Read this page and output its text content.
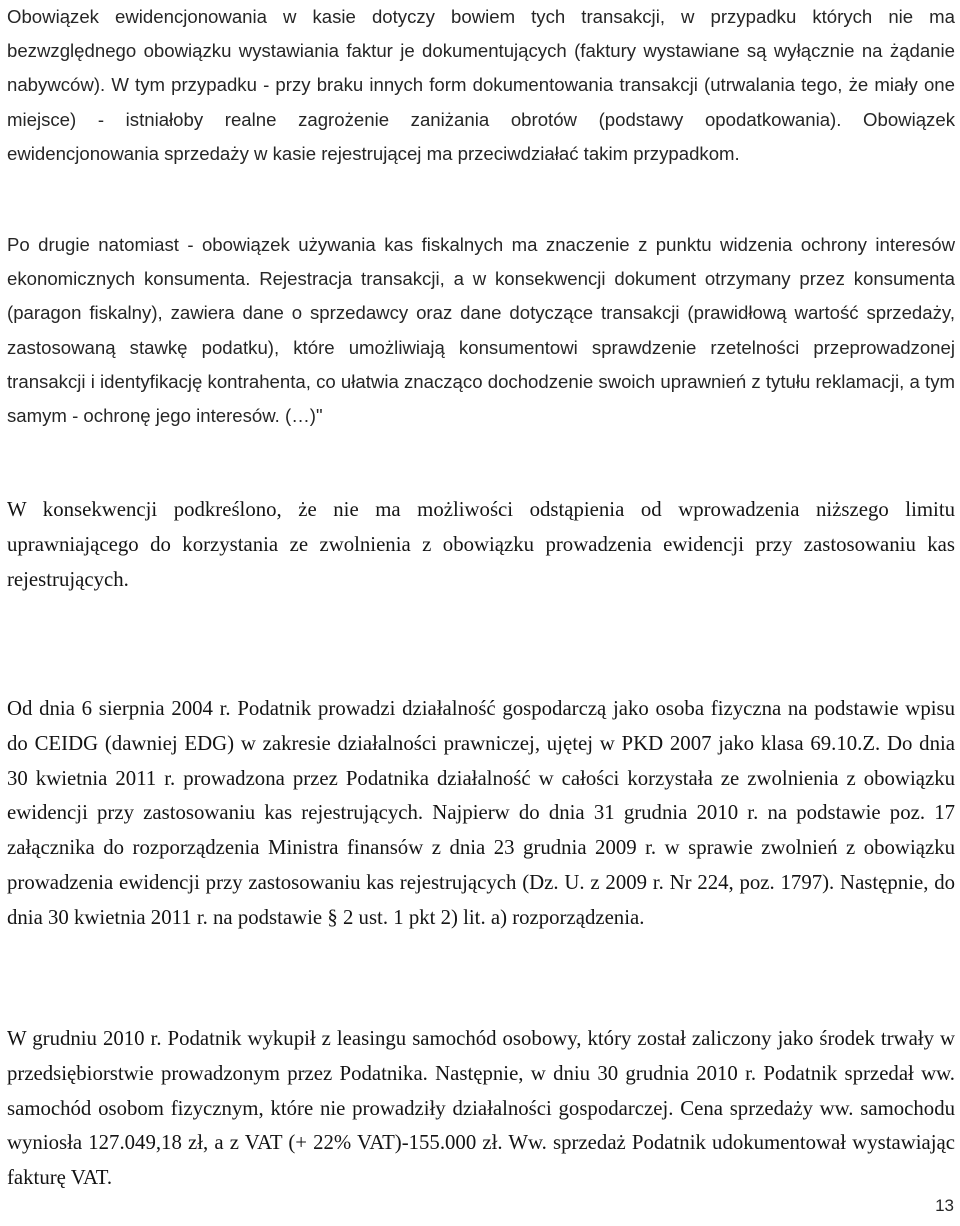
Obowiązek ewidencjonowania w kasie dotyczy bowiem tych transakcji, w przypadku których nie ma bezwzględnego obowiązku wystawiania faktur je dokumentujących (faktury wystawiane są wyłącznie na żądanie nabywców). W tym przypadku - przy braku innych form dokumentowania transakcji (utrwalania tego, że miały one miejsce) - istniałoby realne zagrożenie zaniżania obrotów (podstawy opodatkowania). Obowiązek ewidencjonowania sprzedaży w kasie rejestrującej ma przeciwdziałać takim przypadkom.

Po drugie natomiast - obowiązek używania kas fiskalnych ma znaczenie z punktu widzenia ochrony interesów ekonomicznych konsumenta. Rejestracja transakcji, a w konsekwencji dokument otrzymany przez konsumenta (paragon fiskalny), zawiera dane o sprzedawcy oraz dane dotyczące transakcji (prawidłową wartość sprzedaży, zastosowaną stawkę podatku), które umożliwiają konsumentowi sprawdzenie rzetelności przeprowadzonej transakcji i identyfikację kontrahenta, co ułatwia znacząco dochodzenie swoich uprawnień z tytułu reklamacji, a tym samym - ochronę jego interesów. (…)"

W konsekwencji podkreślono, że nie ma możliwości odstąpienia od wprowadzenia niższego limitu uprawniającego do korzystania ze zwolnienia z obowiązku prowadzenia ewidencji przy zastosowaniu kas rejestrujących.

Od dnia 6 sierpnia 2004 r. Podatnik prowadzi działalność gospodarczą jako osoba fizyczna na podstawie wpisu do CEIDG (dawniej EDG) w zakresie działalności prawniczej, ujętej w PKD 2007 jako klasa 69.10.Z. Do dnia 30 kwietnia 2011 r. prowadzona przez Podatnika działalność w całości korzystała ze zwolnienia z obowiązku ewidencji przy zastosowaniu kas rejestrujących. Najpierw do dnia 31 grudnia 2010 r. na podstawie poz. 17 załącznika do rozporządzenia Ministra finansów z dnia 23 grudnia 2009 r. w sprawie zwolnień z obowiązku prowadzenia ewidencji przy zastosowaniu kas rejestrujących (Dz. U. z 2009 r. Nr 224, poz. 1797). Następnie, do dnia 30 kwietnia 2011 r. na podstawie § 2 ust. 1 pkt 2) lit. a) rozporządzenia.

W grudniu 2010 r. Podatnik wykupił z leasingu samochód osobowy, który został zaliczony jako środek trwały w przedsiębiorstwie prowadzonym przez Podatnika. Następnie, w dniu 30 grudnia 2010 r. Podatnik sprzedał ww. samochód osobom fizycznym, które nie prowadziły działalności gospodarczej. Cena sprzedaży ww. samochodu wyniosła 127.049,18 zł, a z VAT (+ 22% VAT)-155.000 zł. Ww. sprzedaż Podatnik udokumentował wystawiając fakturę VAT.

13
